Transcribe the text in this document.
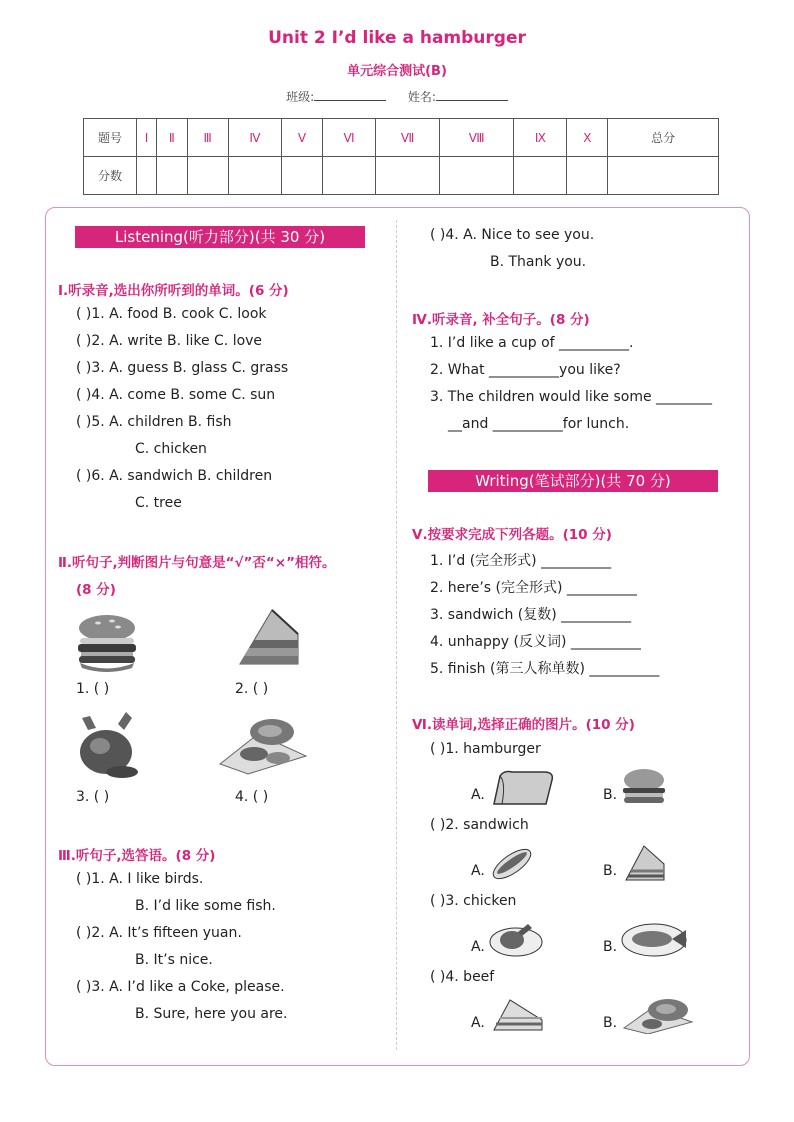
Unit 2 I’d like a hamburger
单元综合测试(B)
班级:	姓名:
题号	Ⅰ	Ⅱ	Ⅲ	Ⅳ	Ⅴ	Ⅵ	Ⅶ	Ⅷ	Ⅸ	Ⅹ	总分
分数											
Listening(听力部分)(共 30 分)
Ⅰ.听录音,选出你所听到的单词。(6 分)
( )1. A. food B. cook C. look
( )2. A. write B. like C. love
( )3. A. guess B. glass C. grass
( )4. A. come B. some C. sun
( )5. A. children B. fish
C. chicken
( )6. A. sandwich B. children
C. tree
Ⅱ.听句子,判断图片与句意是“√”否“×”相符。
(8 分)
1. ( )	2. ( )
3. ( )	4. ( )
Ⅲ.听句子,选答语。(8 分)
( )1. A. I like birds.
B. I’d like some fish.
( )2. A. It’s fifteen yuan.
B. It’s nice.
( )3. A. I’d like a Coke, please.
B. Sure, here you are.
( )4. A. Nice to see you.
B. Thank you.
Ⅳ.听录音, 补全句子。(8 分)
1. I’d like a cup of __________.
2. What __________you like?
3. The children would like some ________
__and __________for lunch.
Writing(笔试部分)(共 70 分)
Ⅴ.按要求完成下列各题。(10 分)
1. I’d (完全形式) __________
2. here’s (完全形式) __________
3. sandwich (复数) __________
4. unhappy (反义词) __________
5. finish (第三人称单数) __________
Ⅵ.读单词,选择正确的图片。(10 分)
( )1. hamburger
A.	B.
( )2. sandwich
A.	B.
( )3. chicken
A.	B.
( )4. beef
A.	B.
